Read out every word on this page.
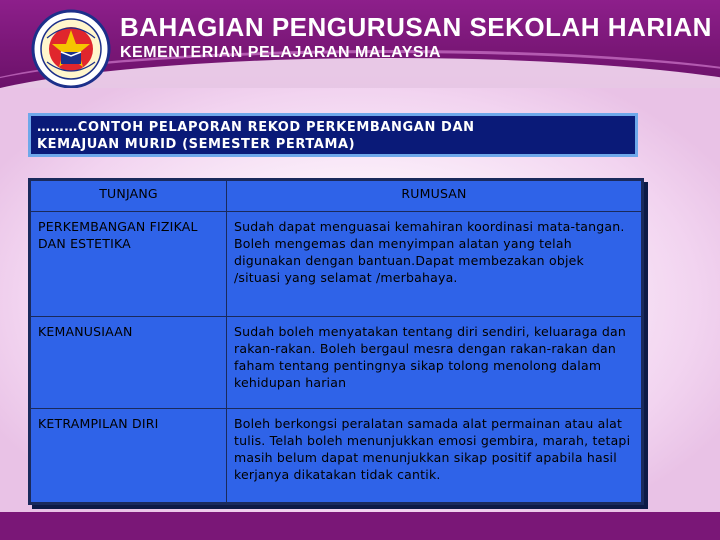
BAHAGIAN PENGURUSAN SEKOLAH HARIAN
KEMENTERIAN PELAJARAN MALAYSIA
………CONTOH PELAPORAN REKOD PERKEMBANGAN DAN
KEMAJUAN MURID (SEMESTER PERTAMA)
TUNJANG	RUMUSAN
PERKEMBANGAN FIZIKAL DAN ESTETIKA	Sudah dapat menguasai kemahiran koordinasi mata-tangan. Boleh mengemas dan menyimpan alatan yang telah digunakan dengan bantuan.Dapat membezakan objek /situasi yang selamat /merbahaya.
KEMANUSIAAN	Sudah boleh menyatakan tentang diri sendiri, keluaraga dan rakan-rakan. Boleh bergaul mesra dengan rakan-rakan dan faham tentang pentingnya sikap tolong menolong dalam kehidupan harian
KETRAMPILAN DIRI	Boleh berkongsi peralatan samada alat permainan atau alat tulis. Telah boleh menunjukkan emosi gembira, marah, tetapi masih belum dapat menunjukkan sikap positif apabila hasil kerjanya dikatakan tidak cantik.
